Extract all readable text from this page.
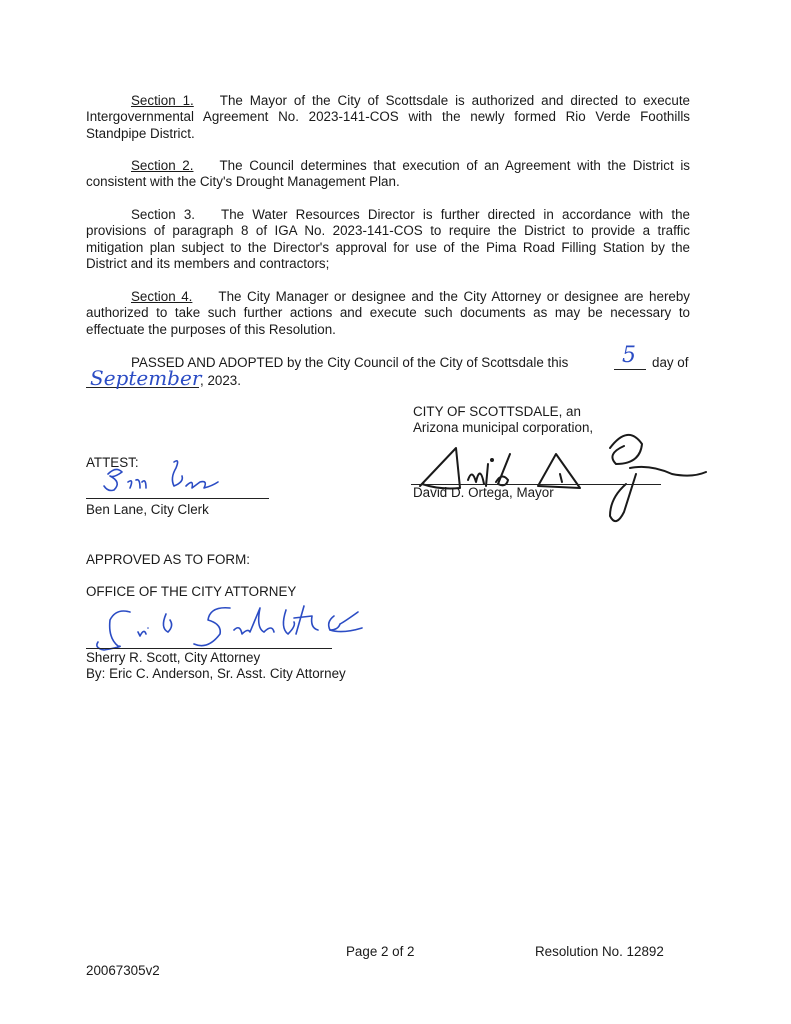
Section 1. The Mayor of the City of Scottsdale is authorized and directed to execute Intergovernmental Agreement No. 2023-141-COS with the newly formed Rio Verde Foothills Standpipe District.

Section 2. The Council determines that execution of an Agreement with the District is consistent with the City's Drought Management Plan.

Section 3. The Water Resources Director is further directed in accordance with the provisions of paragraph 8 of IGA No. 2023-141-COS to require the District to provide a traffic mitigation plan subject to the Director's approval for use of the Pima Road Filling Station by the District and its members and contractors;

Section 4. The City Manager or designee and the City Attorney or designee are hereby authorized to take such further actions and execute such documents as may be necessary to effectuate the purposes of this Resolution.

PASSED AND ADOPTED by the City Council of the City of Scottsdale this 5 day of
September
, 2023.
CITY OF SCOTTSDALE, an
Arizona municipal corporation,
David D. Ortega, Mayor
ATTEST:
Ben Lane, City Clerk
APPROVED AS TO FORM:
OFFICE OF THE CITY ATTORNEY
Sherry R. Scott, City Attorney
By: Eric C. Anderson, Sr. Asst. City Attorney
Page 2 of 2	Resolution No. 12892
20067305v2
